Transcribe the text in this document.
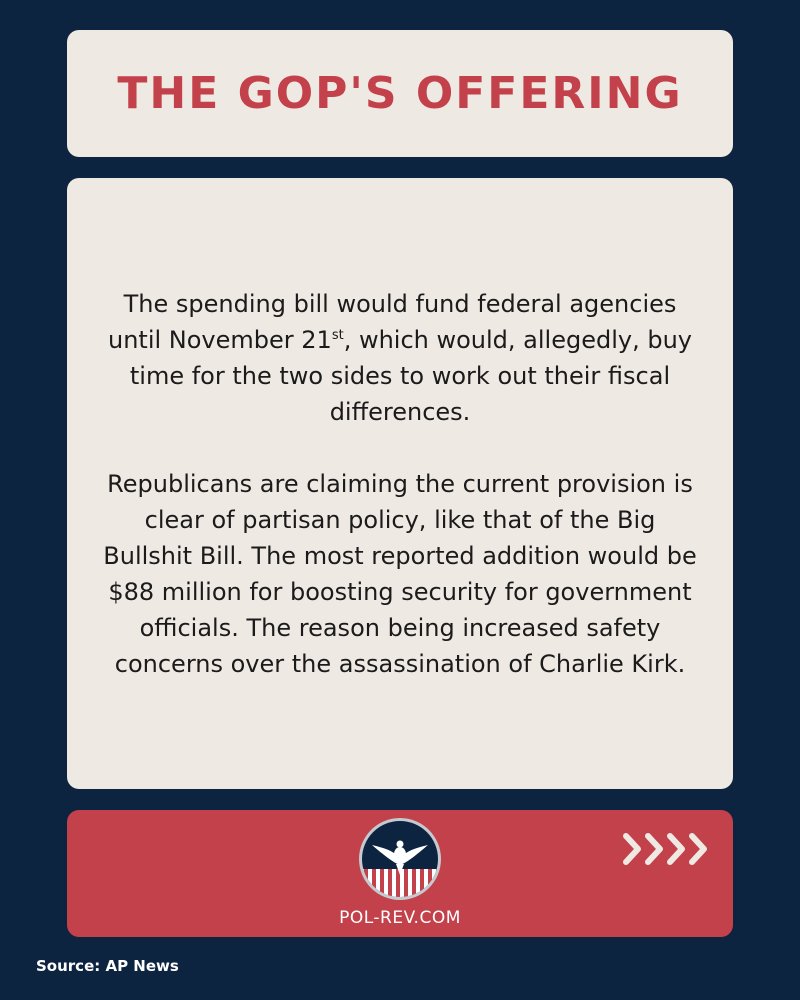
THE GOP'S OFFERING

The spending bill would fund federal agencies until November 21st, which would, allegedly, buy time for the two sides to work out their fiscal differences.

Republicans are claiming the current provision is clear of partisan policy, like that of the Big Bullshit Bill. The most reported addition would be $88 million for boosting security for government officials. The reason being increased safety concerns over the assassination of Charlie Kirk.

POL-REV.COM
Source: AP News
